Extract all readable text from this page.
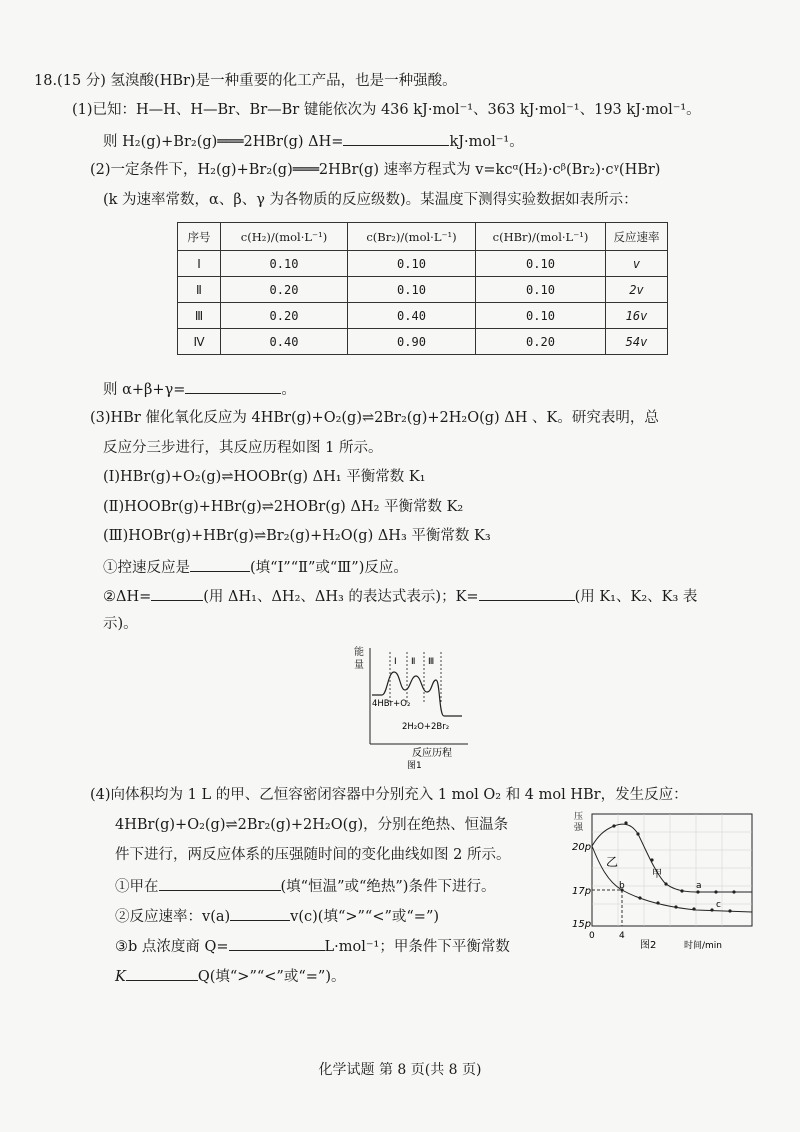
18.(15 分) 氢溴酸(HBr)是一种重要的化工产品，也是一种强酸。
(1)已知：H—H、H—Br、Br—Br 键能依次为 436 kJ·mol⁻¹、363 kJ·mol⁻¹、193 kJ·mol⁻¹。
则 H₂(g)+Br₂(g)═══2HBr(g) ΔH=	kJ·mol⁻¹。
(2)一定条件下，H₂(g)+Br₂(g)═══2HBr(g) 速率方程式为 v=kcᵅ(H₂)·cᵝ(Br₂)·cᵞ(HBr)
(k 为速率常数，α、β、γ 为各物质的反应级数)。某温度下测得实验数据如表所示：
序号	c(H₂)/(mol·L⁻¹)	c(Br₂)/(mol·L⁻¹)	c(HBr)/(mol·L⁻¹)	反应速率
Ⅰ	0.10	0.10	0.10	v
Ⅱ	0.20	0.10	0.10	2v
Ⅲ	0.20	0.40	0.10	16v
Ⅳ	0.40	0.90	0.20	54v
则 α+β+γ=	。
(3)HBr 催化氧化反应为 4HBr(g)+O₂(g)⇌2Br₂(g)+2H₂O(g) ΔH 、K。研究表明，总
反应分三步进行，其反应历程如图 1 所示。
(Ⅰ)HBr(g)+O₂(g)⇌HOOBr(g) ΔH₁ 平衡常数 K₁
(Ⅱ)HOOBr(g)+HBr(g)⇌2HOBr(g) ΔH₂ 平衡常数 K₂
(Ⅲ)HOBr(g)+HBr(g)⇌Br₂(g)+H₂O(g) ΔH₃ 平衡常数 K₃
①控速反应是	(填“Ⅰ”“Ⅱ”或“Ⅲ”)反应。
②ΔH=	(用 ΔH₁、ΔH₂、ΔH₃ 的表达式表示)；K=	(用 K₁、K₂、K₃ 表
示)。
Ⅰ Ⅱ Ⅲ
4HBr+O₂
2H₂O+2Br₂
反应历程
图1
能量
(4)向体积均为 1 L 的甲、乙恒容密闭容器中分别充入 1 mol O₂ 和 4 mol HBr，发生反应：
4HBr(g)+O₂(g)⇌2Br₂(g)+2H₂O(g)，分别在绝热、恒温条
件下进行，两反应体系的压强随时间的变化曲线如图 2 所示。
①甲在	(填“恒温”或“绝热”)条件下进行。
②反应速率：v(a)	v(c)(填“>”“<”或“=”)
③b 点浓度商 Q=	L·mol⁻¹；甲条件下平衡常数
K	Q(填“>”“<”或“=”)。
甲
乙
a
b
c
20p
17p
15p
0	4
图2	时间/min
压强
化学试题 第 8 页(共 8 页)
